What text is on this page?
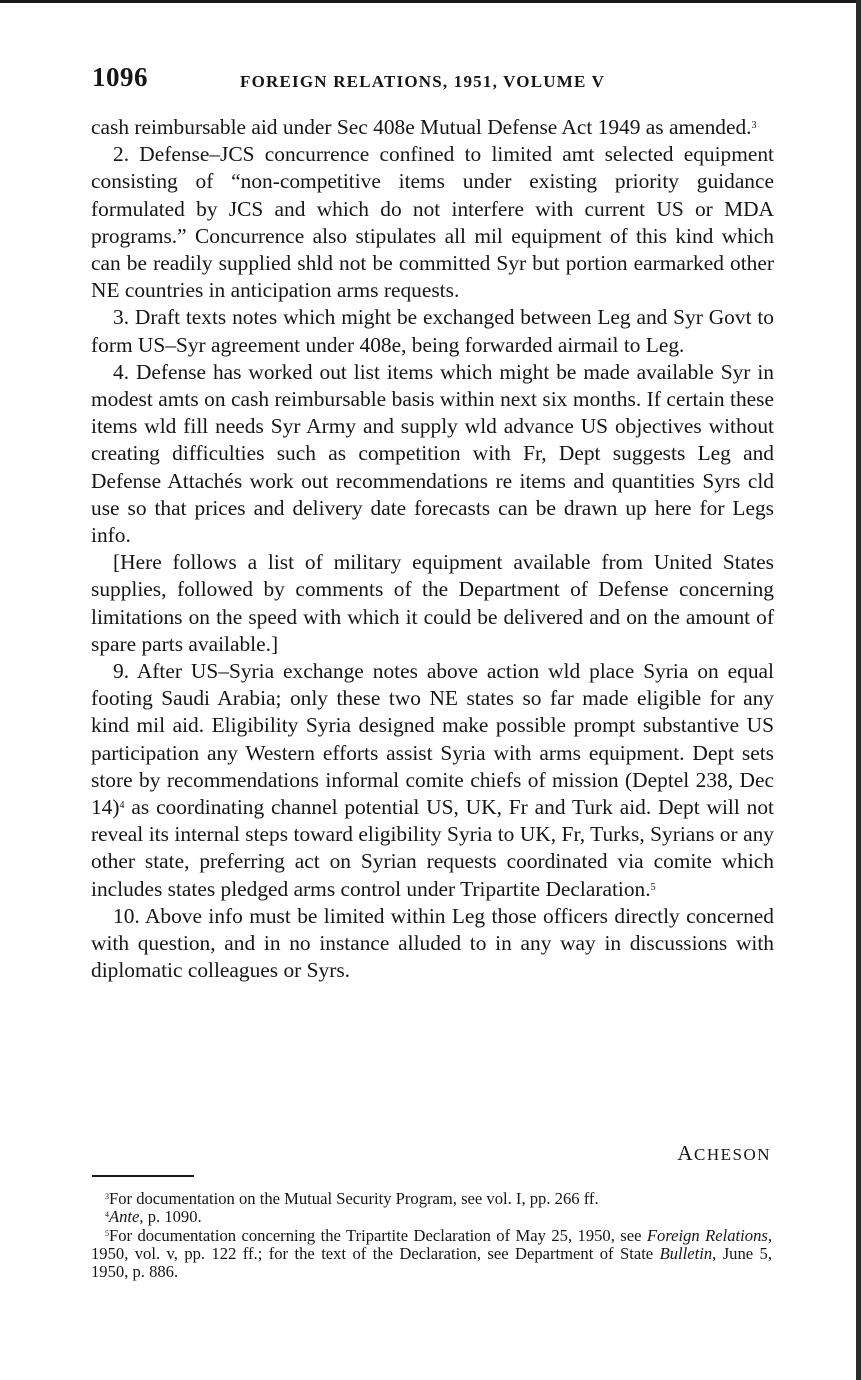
1096	FOREIGN RELATIONS, 1951, VOLUME V

cash reimbursable aid under Sec 408e Mutual Defense Act 1949 as amended.$^3$

2. Defense–JCS concurrence confined to limited amt selected equipment consisting of “non-competitive items under existing priority guidance formulated by JCS and which do not interfere with current US or MDA programs.” Concurrence also stipulates all mil equipment of this kind which can be readily supplied shld not be committed Syr but portion earmarked other NE countries in anticipation arms requests.

3. Draft texts notes which might be exchanged between Leg and Syr Govt to form US–Syr agreement under 408e, being forwarded airmail to Leg.

4. Defense has worked out list items which might be made available Syr in modest amts on cash reimbursable basis within next six months. If certain these items wld fill needs Syr Army and supply wld advance US objectives without creating difficulties such as competition with Fr, Dept suggests Leg and Defense Attachés work out recommendations re items and quantities Syrs cld use so that prices and delivery date forecasts can be drawn up here for Legs info.

[Here follows a list of military equipment available from United States supplies, followed by comments of the Department of Defense concerning limitations on the speed with which it could be delivered and on the amount of spare parts available.]

9. After US–Syria exchange notes above action wld place Syria on equal footing Saudi Arabia; only these two NE states so far made eligible for any kind mil aid. Eligibility Syria designed make possible prompt substantive US participation any Western efforts assist Syria with arms equipment. Dept sets store by recommendations informal comite chiefs of mission (Deptel 238, Dec 14)$^4$ as coordinating channel potential US, UK, Fr and Turk aid. Dept will not reveal its internal steps toward eligibility Syria to UK, Fr, Turks, Syrians or any other state, preferring act on Syrian requests coordinated via comite which includes states pledged arms control under Tripartite Declaration.$^5$

10. Above info must be limited within Leg those officers directly concerned with question, and in no instance alluded to in any way in discussions with diplomatic colleagues or Syrs.

ACHESON

$^3$For documentation on the Mutual Security Program, see vol. I, pp. 266 ff.

$^4$Ante, p. 1090.

$^5$For documentation concerning the Tripartite Declaration of May 25, 1950, see Foreign Relations, 1950, vol. v, pp. 122 ff.; for the text of the Declaration, see Department of State Bulletin, June 5, 1950, p. 886.
